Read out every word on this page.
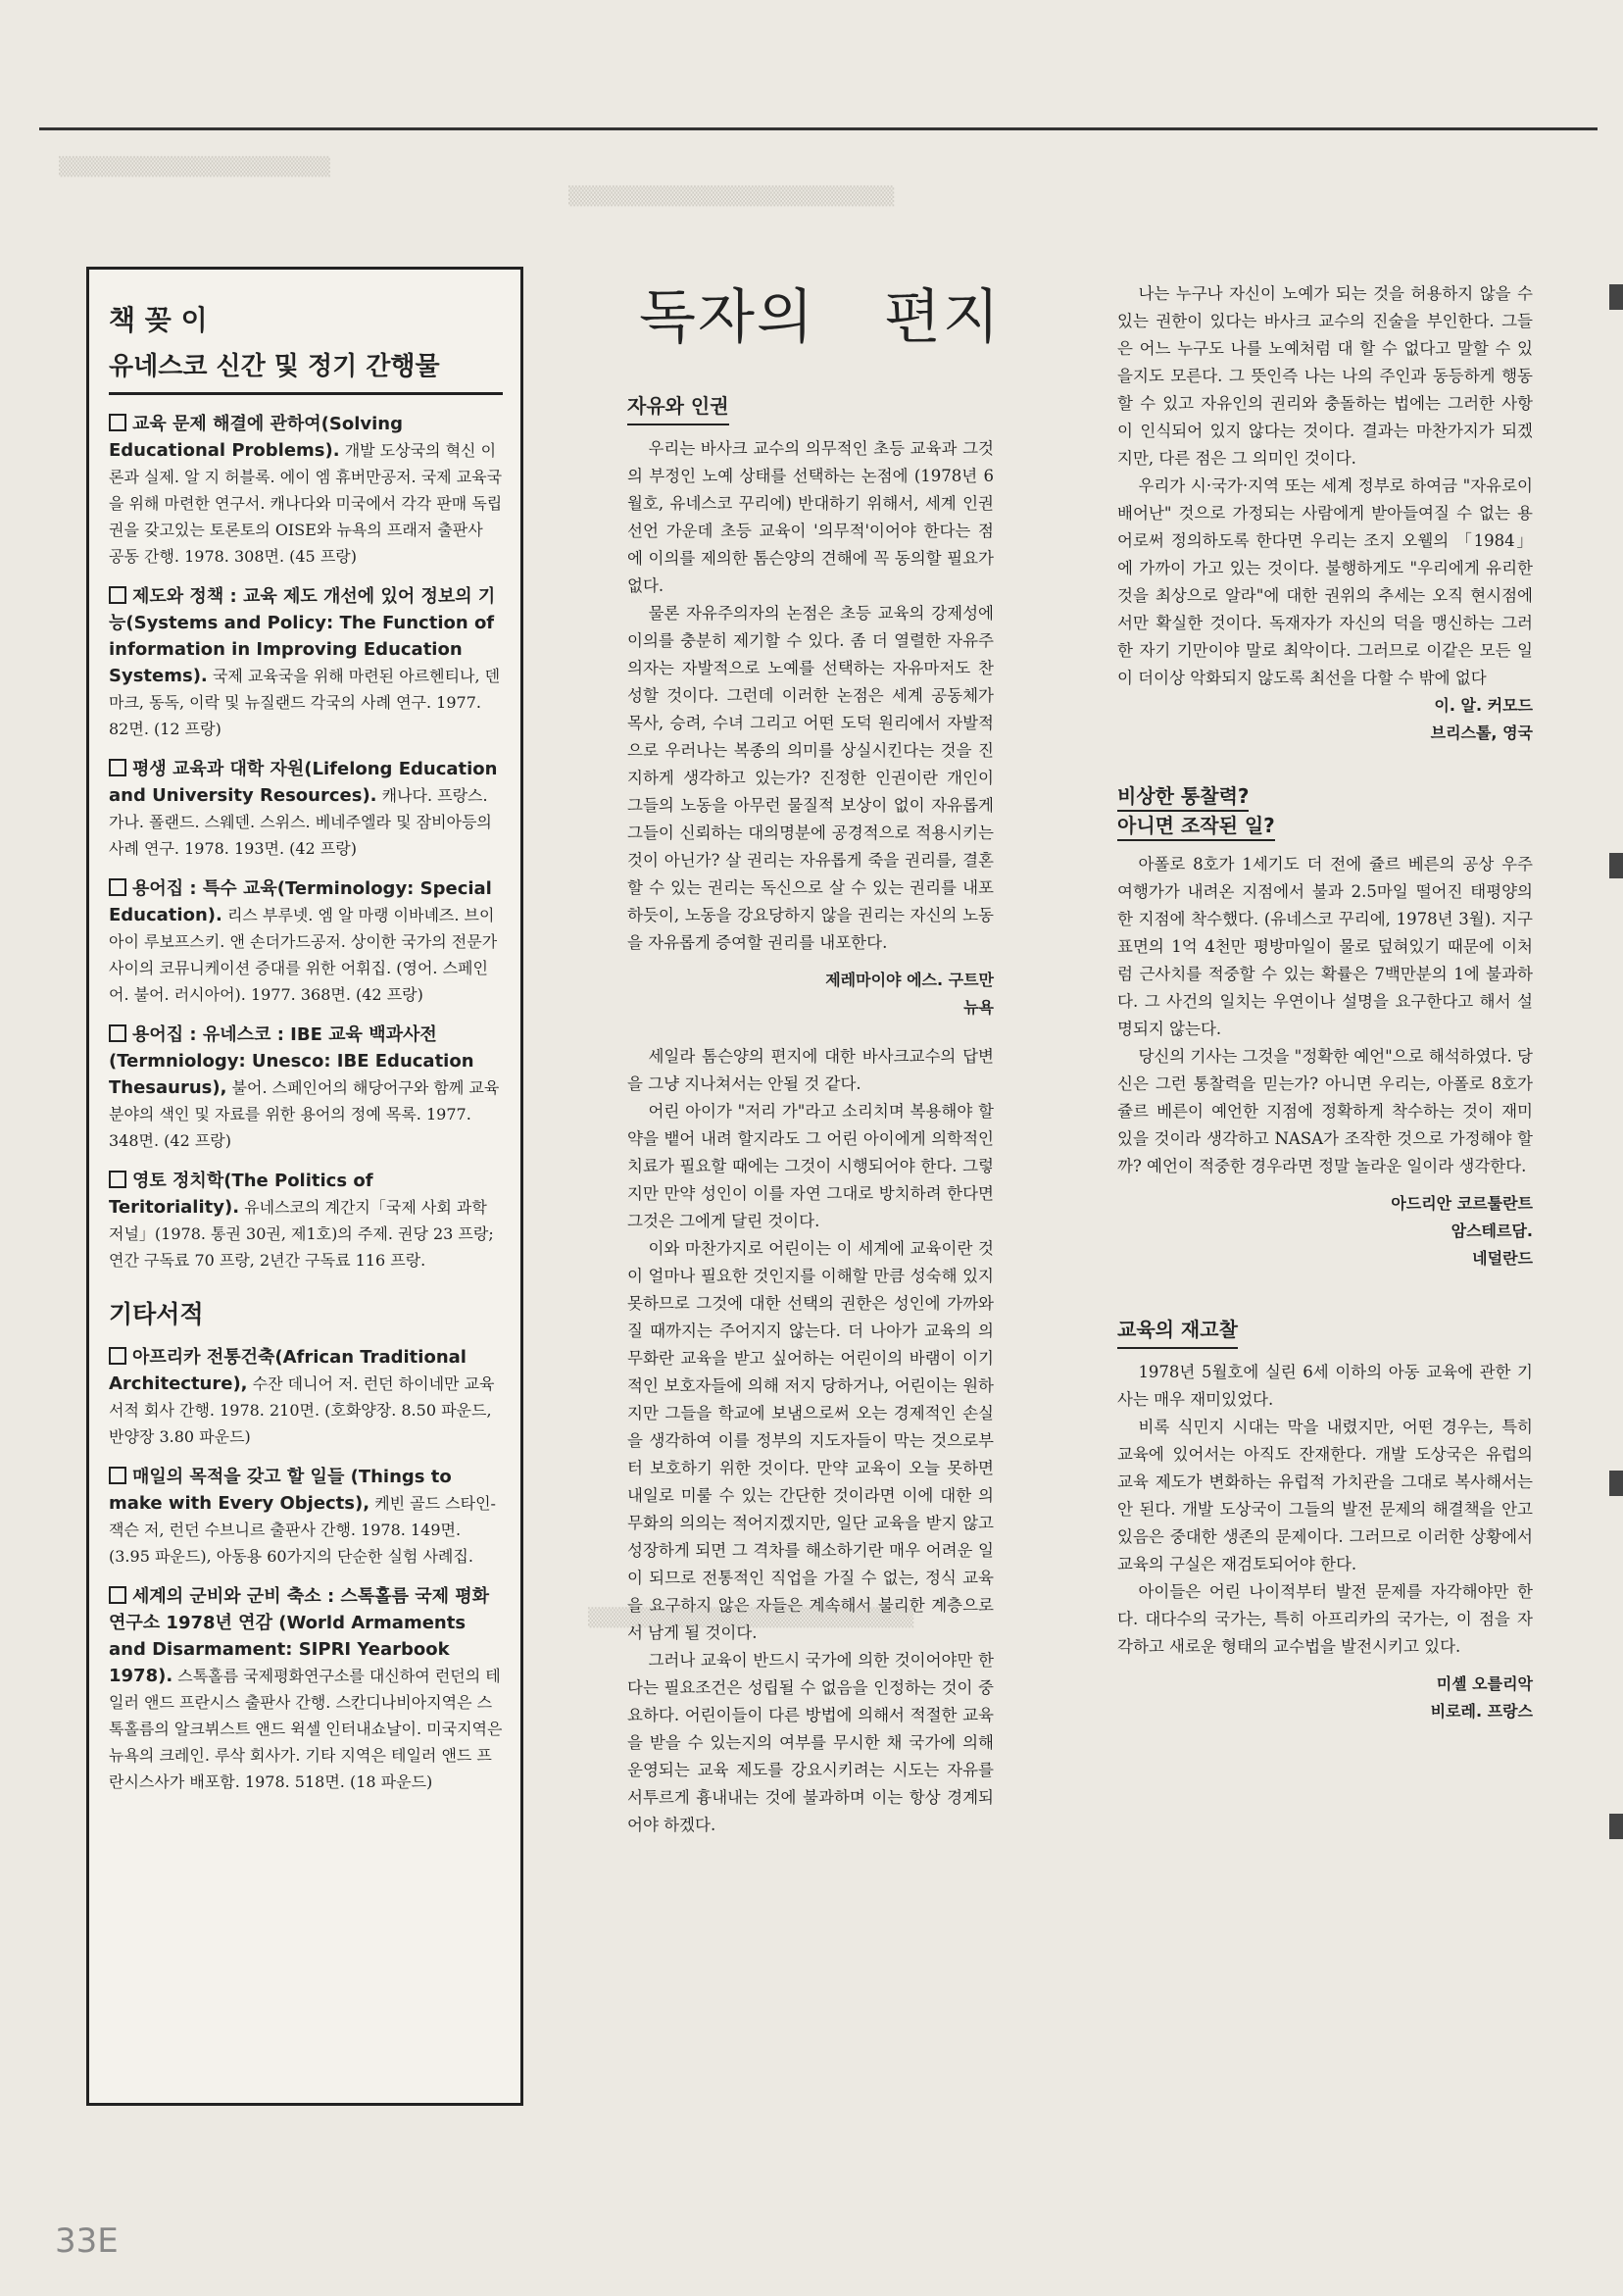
▒▒▒▒▒▒▒▒▒▒▒▒▒▒▒▒▒▒▒▒
▒▒▒▒▒▒▒▒▒▒▒▒▒▒▒▒▒▒▒▒▒▒▒▒
▒▒▒▒▒▒▒▒▒▒▒▒▒▒▒▒▒▒▒▒▒▒▒▒
책 꽂 이
유네스코 신간 및 정기 간행물
교육 문제 해결에 관하여(Solving Educational Problems). 개발 도상국의 혁신 이론과 실제. 알 지 허블록. 에이 엠 휴버만공저. 국제 교육국을 위해 마련한 연구서. 캐나다와 미국에서 각각 판매 독립권을 갖고있는 토론토의 OISE와 뉴욕의 프래저 출판사 공동 간행. 1978. 308면. (45 프랑)
제도와 정책 : 교육 제도 개선에 있어 정보의 기능(Systems and Policy: The Function of information in Improving Education Systems). 국제 교육국을 위해 마련된 아르헨티나, 덴마크, 동독, 이락 및 뉴질랜드 각국의 사례 연구. 1977. 82면. (12 프랑)
평생 교육과 대학 자원(Lifelong Education and University Resources). 캐나다. 프랑스. 가나. 폴랜드. 스웨덴. 스위스. 베네주엘라 및 잠비아등의 사례 연구. 1978. 193면. (42 프랑)
용어집 : 특수 교육(Terminology: Special Education). 리스 부루넷. 엠 알 마랭 이바녜즈. 브이 아이 루보프스키. 앤 손더가드공저. 상이한 국가의 전문가 사이의 코뮤니케이션 증대를 위한 어휘집. (영어. 스페인어. 불어. 러시아어). 1977. 368면. (42 프랑)
용어집 : 유네스코 : IBE 교육 백과사전 (Termniology: Unesco: IBE Education Thesaurus), 불어. 스페인어의 해당어구와 함께 교육 분야의 색인 및 자료를 위한 용어의 정예 목록. 1977. 348면. (42 프랑)
영토 정치학(The Politics of Teritoriality). 유네스코의 계간지「국제 사회 과학 저널」(1978. 통권 30권, 제1호)의 주제. 권당 23 프랑; 연간 구독료 70 프랑, 2년간 구독료 116 프랑.
기타서적
아프리카 전통건축(African Traditional Architecture), 수잔 데니어 저. 런던 하이네만 교육 서적 회사 간행. 1978. 210면. (호화양장. 8.50 파운드, 반양장 3.80 파운드)
매일의 목적을 갖고 할 일들 (Things to make with Every Objects), 케빈 골드 스타인-잭슨 저, 런던 수브니르 출판사 간행. 1978. 149면. (3.95 파운드), 아동용 60가지의 단순한 실험 사례집.
세계의 군비와 군비 축소 : 스톡홀름 국제 평화 연구소 1978년 연감 (World Armaments and Disarmament: SIPRI Yearbook 1978). 스톡홀름 국제평화연구소를 대신하여 런던의 테일러 앤드 프란시스 출판사 간행. 스칸디나비아지역은 스톡홀름의 알크뷔스트 앤드 윅셀 인터내쇼날이. 미국지역은 뉴욕의 크레인. 루삭 회사가. 기타 지역은 테일러 앤드 프란시스사가 배포함. 1978. 518면. (18 파운드)
독자의 편지
자유와 인권

우리는 바사크 교수의 의무적인 초등 교육과 그것의 부정인 노예 상태를 선택하는 논점에 (1978년 6월호, 유네스코 꾸리에) 반대하기 위해서, 세계 인권 선언 가운데 초등 교육이 '의무적'이어야 한다는 점에 이의를 제의한 톰슨양의 견해에 꼭 동의할 필요가 없다.

물론 자유주의자의 논점은 초등 교육의 강제성에 이의를 충분히 제기할 수 있다. 좀 더 열렬한 자유주의자는 자발적으로 노예를 선택하는 자유마저도 찬성할 것이다. 그런데 이러한 논점은 세계 공동체가 목사, 승려, 수녀 그리고 어떤 도덕 원리에서 자발적으로 우러나는 복종의 의미를 상실시킨다는 것을 진지하게 생각하고 있는가? 진정한 인권이란 개인이 그들의 노동을 아무런 물질적 보상이 없이 자유롭게 그들이 신뢰하는 대의명분에 공경적으로 적용시키는 것이 아닌가? 살 권리는 자유롭게 죽을 권리를, 결혼할 수 있는 권리는 독신으로 살 수 있는 권리를 내포하듯이, 노동을 강요당하지 않을 권리는 자신의 노동을 자유롭게 증여할 권리를 내포한다.

제레마이야 에스. 구트만
뉴욕

세일라 톰슨양의 편지에 대한 바사크교수의 답변을 그냥 지나쳐서는 안될 것 같다.

어린 아이가 "저리 가"라고 소리치며 복용해야 할 약을 뱉어 내려 할지라도 그 어린 아이에게 의학적인 치료가 필요할 때에는 그것이 시행되어야 한다. 그렇지만 만약 성인이 이를 자연 그대로 방치하려 한다면 그것은 그에게 달린 것이다.

이와 마찬가지로 어린이는 이 세계에 교육이란 것이 얼마나 필요한 것인지를 이해할 만큼 성숙해 있지 못하므로 그것에 대한 선택의 권한은 성인에 가까와질 때까지는 주어지지 않는다. 더 나아가 교육의 의무화란 교육을 받고 싶어하는 어린이의 바램이 이기적인 보호자들에 의해 저지 당하거나, 어린이는 원하지만 그들을 학교에 보냄으로써 오는 경제적인 손실을 생각하여 이를 정부의 지도자들이 막는 것으로부터 보호하기 위한 것이다. 만약 교육이 오늘 못하면 내일로 미룰 수 있는 간단한 것이라면 이에 대한 의무화의 의의는 적어지겠지만, 일단 교육을 받지 않고 성장하게 되면 그 격차를 해소하기란 매우 어려운 일이 되므로 전통적인 직업을 가질 수 없는, 정식 교육을 요구하지 않은 자들은 계속해서 불리한 계층으로서 남게 될 것이다.

그러나 교육이 반드시 국가에 의한 것이어야만 한다는 필요조건은 성립될 수 없음을 인정하는 것이 중요하다. 어린이들이 다른 방법에 의해서 적절한 교육을 받을 수 있는지의 여부를 무시한 채 국가에 의해 운영되는 교육 제도를 강요시키려는 시도는 자유를 서투르게 흉내내는 것에 불과하며 이는 항상 경계되어야 하겠다.

나는 누구나 자신이 노예가 되는 것을 허용하지 않을 수 있는 권한이 있다는 바사크 교수의 진술을 부인한다. 그들은 어느 누구도 나를 노예처럼 대 할 수 없다고 말할 수 있을지도 모른다. 그 뜻인즉 나는 나의 주인과 동등하게 행동할 수 있고 자유인의 권리와 충돌하는 법에는 그러한 사항이 인식되어 있지 않다는 것이다. 결과는 마찬가지가 되겠지만, 다른 점은 그 의미인 것이다.

우리가 시·국가·지역 또는 세계 정부로 하여금 "자유로이 배어난" 것으로 가정되는 사람에게 받아들여질 수 없는 용어로써 정의하도록 한다면 우리는 조지 오웰의 「1984」에 가까이 가고 있는 것이다. 불행하게도 "우리에게 유리한 것을 최상으로 알라"에 대한 권위의 추세는 오직 현시점에서만 확실한 것이다. 독재자가 자신의 덕을 맹신하는 그러한 자기 기만이야 말로 최악이다. 그러므로 이같은 모든 일이 더이상 악화되지 않도록 최선을 다할 수 밖에 없다

이. 알. 커모드
브리스톨, 영국
비상한 통찰력?
아니면 조작된 일?

아폴로 8호가 1세기도 더 전에 쥴르 베른의 공상 우주 여행가가 내려온 지점에서 불과 2.5마일 떨어진 태평양의 한 지점에 착수했다. (유네스코 꾸리에, 1978년 3월). 지구표면의 1억 4천만 평방마일이 물로 덮혀있기 때문에 이처럼 근사치를 적중할 수 있는 확률은 7백만분의 1에 불과하다. 그 사건의 일치는 우연이나 설명을 요구한다고 해서 설명되지 않는다.

당신의 기사는 그것을 "정확한 예언"으로 해석하였다. 당신은 그런 통찰력을 믿는가? 아니면 우리는, 아폴로 8호가 쥴르 베른이 예언한 지점에 정확하게 착수하는 것이 재미 있을 것이라 생각하고 NASA가 조작한 것으로 가정해야 할까? 예언이 적중한 경우라면 정말 놀라운 일이라 생각한다.

아드리안 코르툴란트
암스테르담.
네덜란드
교육의 재고찰

1978년 5월호에 실린 6세 이하의 아동 교육에 관한 기사는 매우 재미있었다.

비록 식민지 시대는 막을 내렸지만, 어떤 경우는, 특히 교육에 있어서는 아직도 잔재한다. 개발 도상국은 유럽의 교육 제도가 변화하는 유럽적 가치관을 그대로 복사해서는 안 된다. 개발 도상국이 그들의 발전 문제의 해결책을 안고 있음은 중대한 생존의 문제이다. 그러므로 이러한 상황에서 교육의 구실은 재검토되어야 한다.

아이들은 어린 나이적부터 발전 문제를 자각해야만 한다. 대다수의 국가는, 특히 아프리카의 국가는, 이 점을 자각하고 새로운 형태의 교수법을 발전시키고 있다.

미셸 오를리악
비로레. 프랑스
33E
